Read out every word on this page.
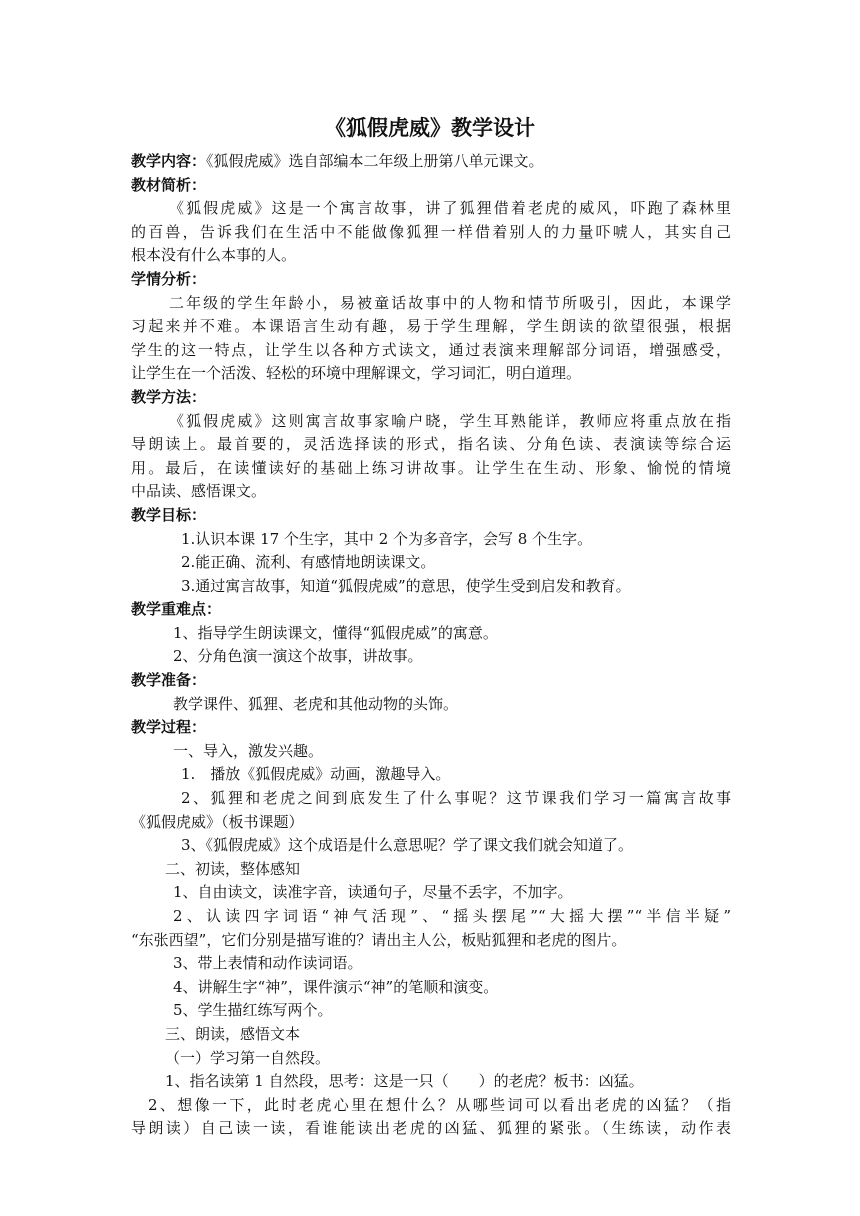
《狐假虎威》教学设计
教学内容：《狐假虎威》选自部编本二年级上册第八单元课文。
教材简析：
《狐假虎威》这是一个寓言故事，讲了狐狸借着老虎的威风，吓跑了森林里
的百兽，告诉我们在生活中不能做像狐狸一样借着别人的力量吓唬人，其实自己
根本没有什么本事的人。
学情分析：
二年级的学生年龄小，易被童话故事中的人物和情节所吸引，因此，本课学
习起来并不难。本课语言生动有趣，易于学生理解，学生朗读的欲望很强，根据
学生的这一特点，让学生以各种方式读文，通过表演来理解部分词语，增强感受，
让学生在一个活泼、轻松的环境中理解课文，学习词汇，明白道理。
教学方法：
《狐假虎威》这则寓言故事家喻户晓，学生耳熟能详，教师应将重点放在指
导朗读上。最首要的，灵活选择读的形式，指名读、分角色读、表演读等综合运
用。最后，在读懂读好的基础上练习讲故事。让学生在生动、形象、愉悦的情境
中品读、感悟课文。
教学目标：
1.认识本课 17 个生字，其中 2 个为多音字，会写 8 个生字。
2.能正确、流利、有感情地朗读课文。
3.通过寓言故事，知道“狐假虎威”的意思，使学生受到启发和教育。
教学重难点：
1、指导学生朗读课文，懂得“狐假虎威”的寓意。
2、分角色演一演这个故事，讲故事。
教学准备：
教学课件、狐狸、老虎和其他动物的头饰。
教学过程：
一、导入，激发兴趣。
1.　播放《狐假虎威》动画，激趣导入。
2、狐狸和老虎之间到底发生了什么事呢？这节课我们学习一篇寓言故事
《狐假虎威》（板书课题）
3、《狐假虎威》这个成语是什么意思呢？学了课文我们就会知道了。
二、初读，整体感知
1、自由读文，读准字音，读通句子，尽量不丢字，不加字。
2、认读四字词语“神气活现”、“摇头摆尾”“大摇大摆”“半信半疑”
“东张西望”，它们分别是描写谁的？请出主人公，板贴狐狸和老虎的图片。
3、带上表情和动作读词语。
4、讲解生字“神”，课件演示“神”的笔顺和演变。
5、学生描红练写两个。
三、朗读，感悟文本
（一）学习第一自然段。
1、指名读第 1 自然段，思考：这是一只（　　）的老虎？板书：凶猛。
2、想像一下，此时老虎心里在想什么？从哪些词可以看出老虎的凶猛？（指
导朗读）自己读一读，看谁能读出老虎的凶猛、狐狸的紧张。（生练读，动作表
